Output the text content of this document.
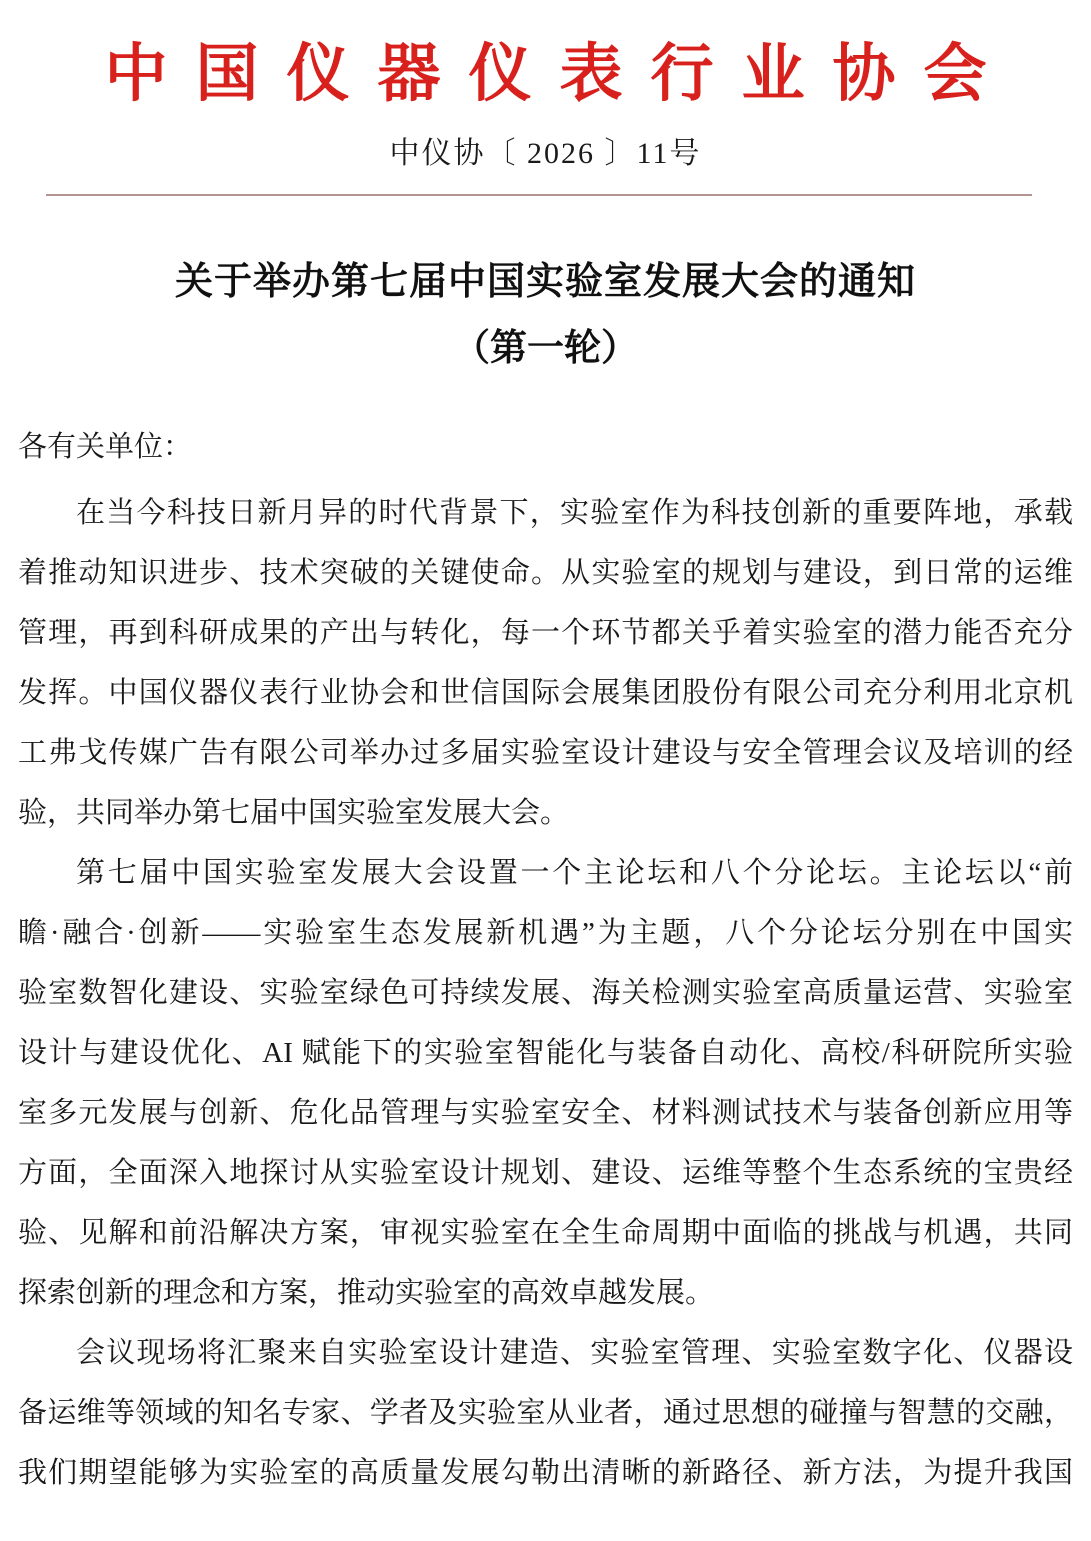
中国仪器仪表行业协会
中仪协〔 2026 〕11号
关于举办第七届中国实验室发展大会的通知
（第一轮）
各有关单位：
在当今科技日新月异的时代背景下，实验室作为科技创新的重要阵地，承载
着推动知识进步、技术突破的关键使命。从实验室的规划与建设，到日常的运维
管理，再到科研成果的产出与转化，每一个环节都关乎着实验室的潜力能否充分
发挥。中国仪器仪表行业协会和世信国际会展集团股份有限公司充分利用北京机
工弗戈传媒广告有限公司举办过多届实验室设计建设与安全管理会议及培训的经
验，共同举办第七届中国实验室发展大会。
第七届中国实验室发展大会设置一个主论坛和八个分论坛。主论坛以“前
瞻·融合·创新——实验室生态发展新机遇”为主题，八个分论坛分别在中国实
验室数智化建设、实验室绿色可持续发展、海关检测实验室高质量运营、实验室
设计与建设优化、AI 赋能下的实验室智能化与装备自动化、高校/科研院所实验
室多元发展与创新、危化品管理与实验室安全、材料测试技术与装备创新应用等
方面，全面深入地探讨从实验室设计规划、建设、运维等整个生态系统的宝贵经
验、见解和前沿解决方案，审视实验室在全生命周期中面临的挑战与机遇，共同
探索创新的理念和方案，推动实验室的高效卓越发展。
会议现场将汇聚来自实验室设计建造、实验室管理、实验室数字化、仪器设
备运维等领域的知名专家、学者及实验室从业者，通过思想的碰撞与智慧的交融，
我们期望能够为实验室的高质量发展勾勒出清晰的新路径、新方法，为提升我国
